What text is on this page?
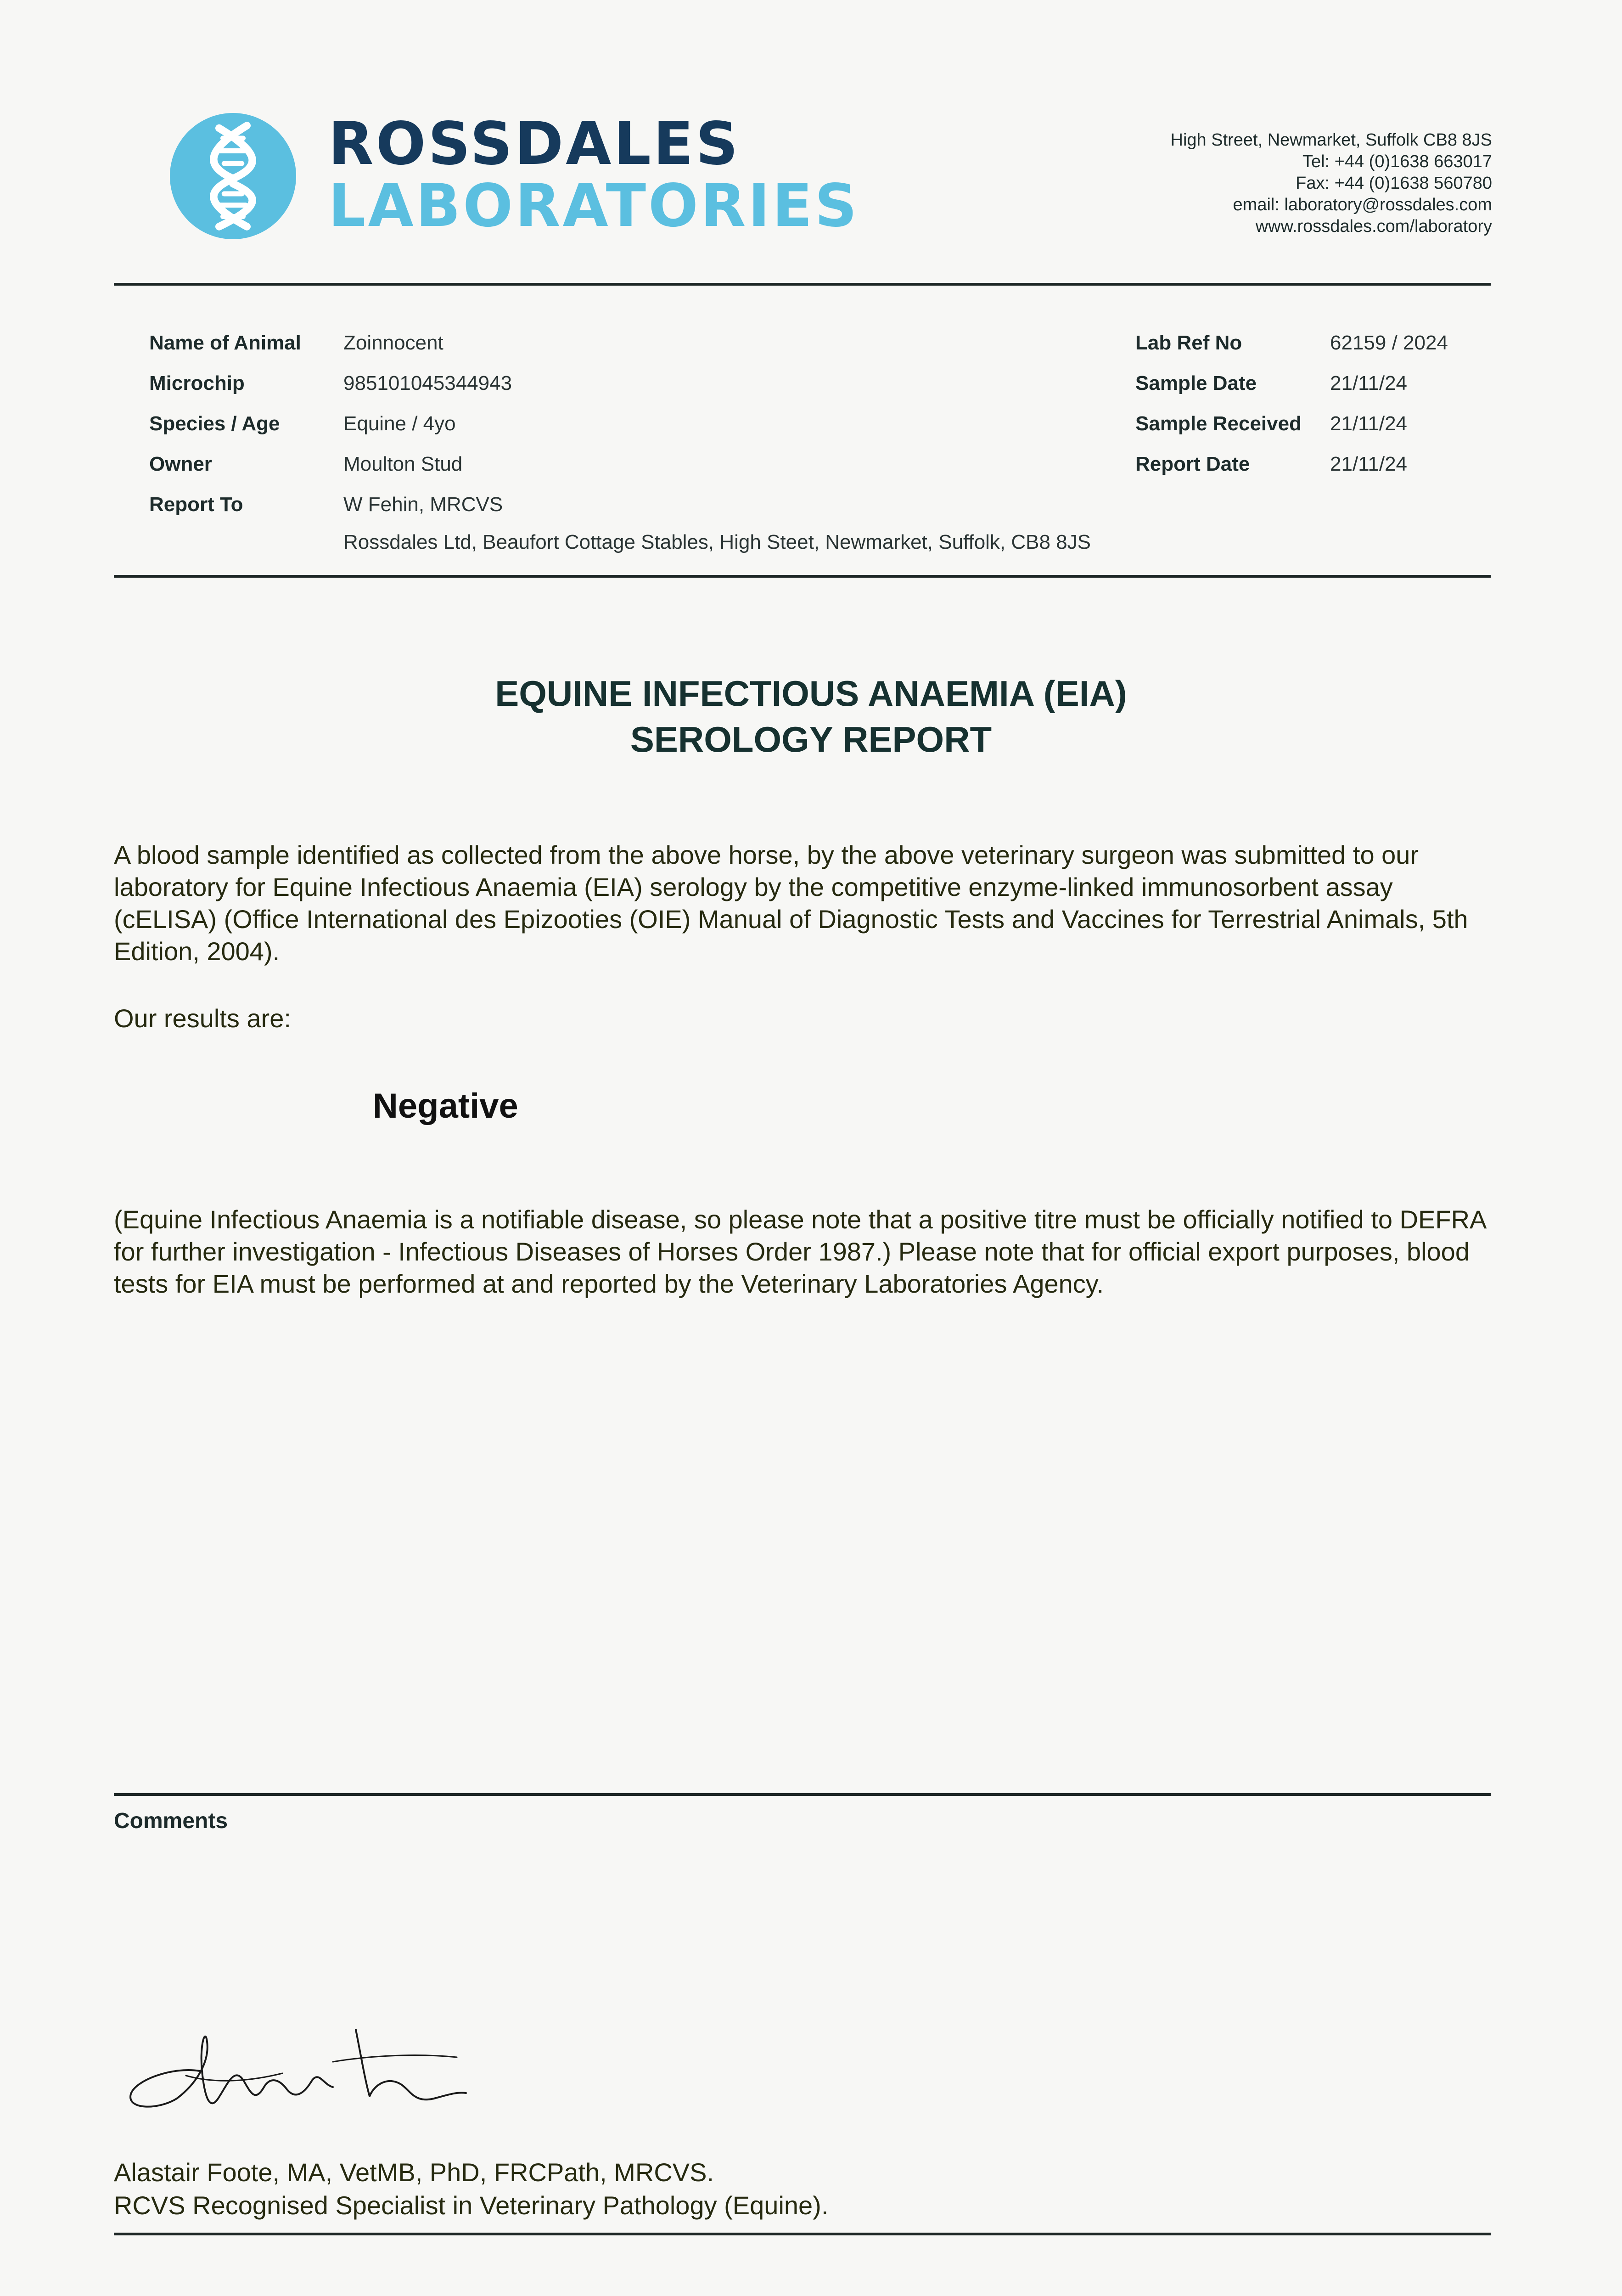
ROSSDALES
LABORATORIES
High Street, Newmarket, Suffolk CB8 8JS
Tel: +44 (0)1638 663017
Fax: +44 (0)1638 560780
email: laboratory@rossdales.com
www.rossdales.com/laboratory
Name of Animal Zoinnocent
Microchip	985101045344943
Species / Age	Equine / 4yo
Owner	Moulton Stud
Report To	W Fehin, MRCVS
Rossdales Ltd, Beaufort Cottage Stables, High Steet, Newmarket, Suffolk, CB8 8JS
Lab Ref No	62159 / 2024
Sample Date	21/11/24
Sample Received 21/11/24
Report Date	21/11/24
EQUINE INFECTIOUS ANAEMIA (EIA)
SEROLOGY REPORT
A blood sample identified as collected from the above horse, by the above veterinary surgeon was submitted to our laboratory for Equine Infectious Anaemia (EIA) serology by the competitive enzyme-linked immunosorbent assay (cELISA) (Office International des Epizooties (OIE) Manual of Diagnostic Tests and Vaccines for Terrestrial Animals, 5th Edition, 2004).
Our results are:
Negative
(Equine Infectious Anaemia is a notifiable disease, so please note that a positive titre must be officially notified to DEFRA for further investigation - Infectious Diseases of Horses Order 1987.) Please note that for official export purposes, blood tests for EIA must be performed at and reported by the Veterinary Laboratories Agency.
Comments
Alastair Foote, MA, VetMB, PhD, FRCPath, MRCVS.
RCVS Recognised Specialist in Veterinary Pathology (Equine).
